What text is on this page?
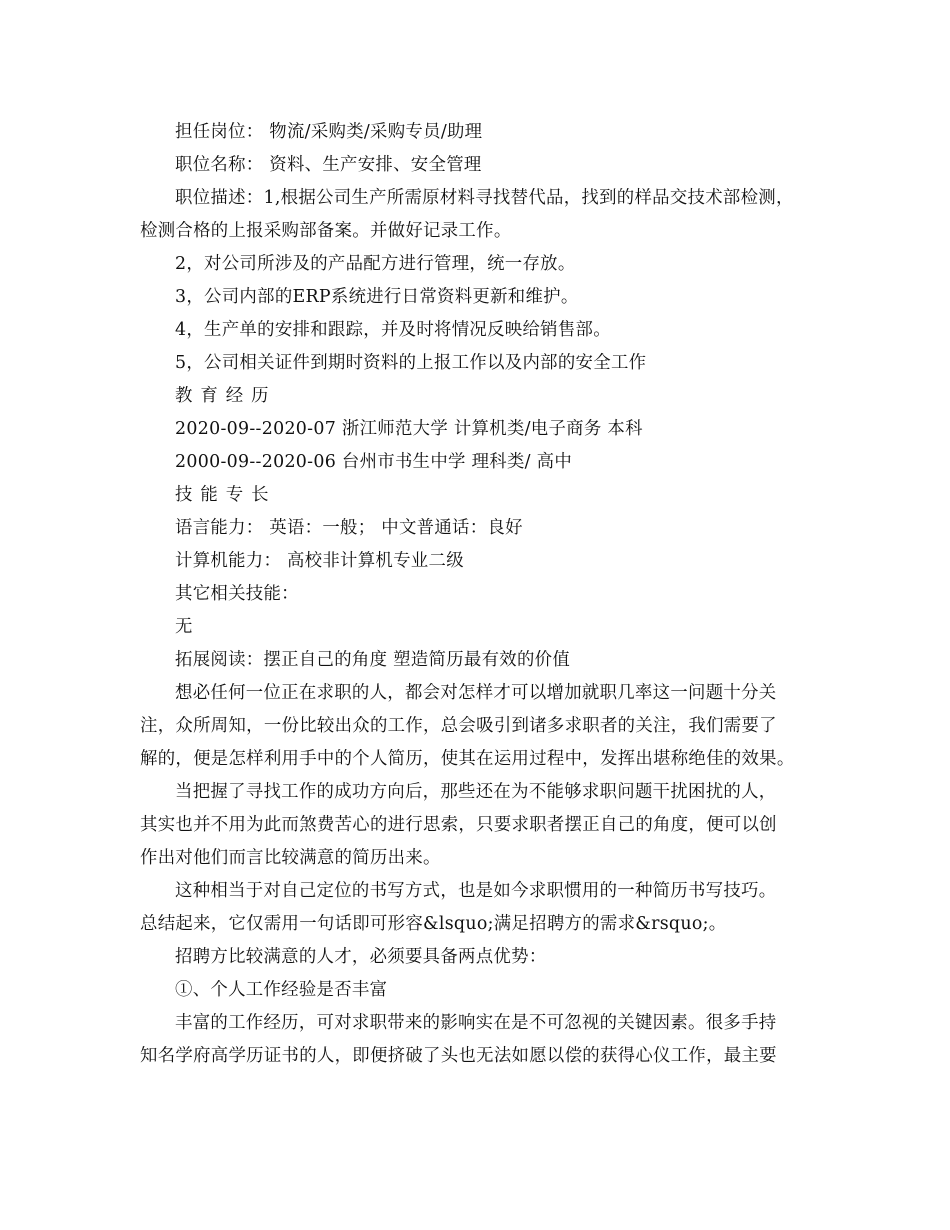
担任岗位： 物流/采购类/采购专员/助理
职位名称： 资料、生产安排、安全管理
职位描述：1,根据公司生产所需原材料寻找替代品，找到的样品交技术部检测，
检测合格的上报采购部备案。并做好记录工作。
2，对公司所涉及的产品配方进行管理，统一存放。
3，公司内部的ERP系统进行日常资料更新和维护。
4，生产单的安排和跟踪，并及时将情况反映给销售部。
5，公司相关证件到期时资料的上报工作以及内部的安全工作
教育经历
2020-09--2020-07 浙江师范大学 计算机类/电子商务 本科
2000-09--2020-06 台州市书生中学 理科类/ 高中
技能专长
语言能力： 英语：一般； 中文普通话：良好
计算机能力： 高校非计算机专业二级
其它相关技能：
无
拓展阅读：摆正自己的角度 塑造简历最有效的价值
想必任何一位正在求职的人，都会对怎样才可以增加就职几率这一问题十分关
注，众所周知，一份比较出众的工作，总会吸引到诸多求职者的关注，我们需要了
解的，便是怎样利用手中的个人简历，使其在运用过程中，发挥出堪称绝佳的效果。
当把握了寻找工作的成功方向后，那些还在为不能够求职问题干扰困扰的人，
其实也并不用为此而煞费苦心的进行思索，只要求职者摆正自己的角度，便可以创
作出对他们而言比较满意的简历出来。
这种相当于对自己定位的书写方式，也是如今求职惯用的一种简历书写技巧。
总结起来，它仅需用一句话即可形容&lsquo;满足招聘方的需求&rsquo;。
招聘方比较满意的人才，必须要具备两点优势：
①、个人工作经验是否丰富
丰富的工作经历，可对求职带来的影响实在是不可忽视的关键因素。很多手持
知名学府高学历证书的人，即便挤破了头也无法如愿以偿的获得心仪工作，最主要
